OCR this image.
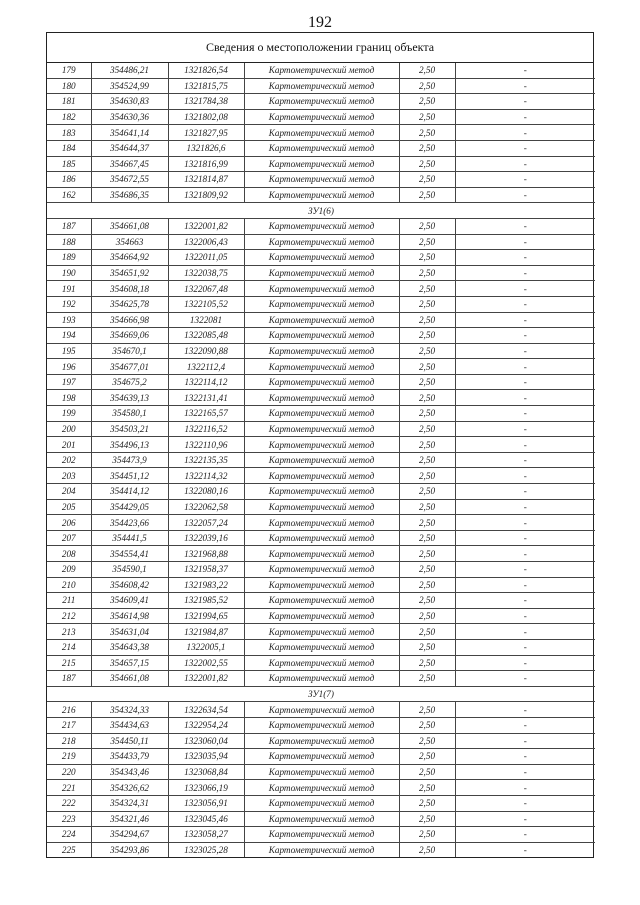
192
Сведения о местоположении границ объекта
179	354486,21	1321826,54	Картометрический метод	2,50	-
180	354524,99	1321815,75	Картометрический метод	2,50	-
181	354630,83	1321784,38	Картометрический метод	2,50	-
182	354630,36	1321802,08	Картометрический метод	2,50	-
183	354641,14	1321827,95	Картометрический метод	2,50	-
184	354644,37	1321826,6	Картометрический метод	2,50	-
185	354667,45	1321816,99	Картометрический метод	2,50	-
186	354672,55	1321814,87	Картометрический метод	2,50	-
162	354686,35	1321809,92	Картометрический метод	2,50	-
ЗУ1(6)					
187	354661,08	1322001,82	Картометрический метод	2,50	-
188	354663	1322006,43	Картометрический метод	2,50	-
189	354664,92	1322011,05	Картометрический метод	2,50	-
190	354651,92	1322038,75	Картометрический метод	2,50	-
191	354608,18	1322067,48	Картометрический метод	2,50	-
192	354625,78	1322105,52	Картометрический метод	2,50	-
193	354666,98	1322081	Картометрический метод	2,50	-
194	354669,06	1322085,48	Картометрический метод	2,50	-
195	354670,1	1322090,88	Картометрический метод	2,50	-
196	354677,01	1322112,4	Картометрический метод	2,50	-
197	354675,2	1322114,12	Картометрический метод	2,50	-
198	354639,13	1322131,41	Картометрический метод	2,50	-
199	354580,1	1322165,57	Картометрический метод	2,50	-
200	354503,21	1322116,52	Картометрический метод	2,50	-
201	354496,13	1322110,96	Картометрический метод	2,50	-
202	354473,9	1322135,35	Картометрический метод	2,50	-
203	354451,12	1322114,32	Картометрический метод	2,50	-
204	354414,12	1322080,16	Картометрический метод	2,50	-
205	354429,05	1322062,58	Картометрический метод	2,50	-
206	354423,66	1322057,24	Картометрический метод	2,50	-
207	354441,5	1322039,16	Картометрический метод	2,50	-
208	354554,41	1321968,88	Картометрический метод	2,50	-
209	354590,1	1321958,37	Картометрический метод	2,50	-
210	354608,42	1321983,22	Картометрический метод	2,50	-
211	354609,41	1321985,52	Картометрический метод	2,50	-
212	354614,98	1321994,65	Картометрический метод	2,50	-
213	354631,04	1321984,87	Картометрический метод	2,50	-
214	354643,38	1322005,1	Картометрический метод	2,50	-
215	354657,15	1322002,55	Картометрический метод	2,50	-
187	354661,08	1322001,82	Картометрический метод	2,50	-
ЗУ1(7)					
216	354324,33	1322634,54	Картометрический метод	2,50	-
217	354434,63	1322954,24	Картометрический метод	2,50	-
218	354450,11	1323060,04	Картометрический метод	2,50	-
219	354433,79	1323035,94	Картометрический метод	2,50	-
220	354343,46	1323068,84	Картометрический метод	2,50	-
221	354326,62	1323066,19	Картометрический метод	2,50	-
222	354324,31	1323056,91	Картометрический метод	2,50	-
223	354321,46	1323045,46	Картометрический метод	2,50	-
224	354294,67	1323058,27	Картометрический метод	2,50	-
225	354293,86	1323025,28	Картометрический метод	2,50	-
